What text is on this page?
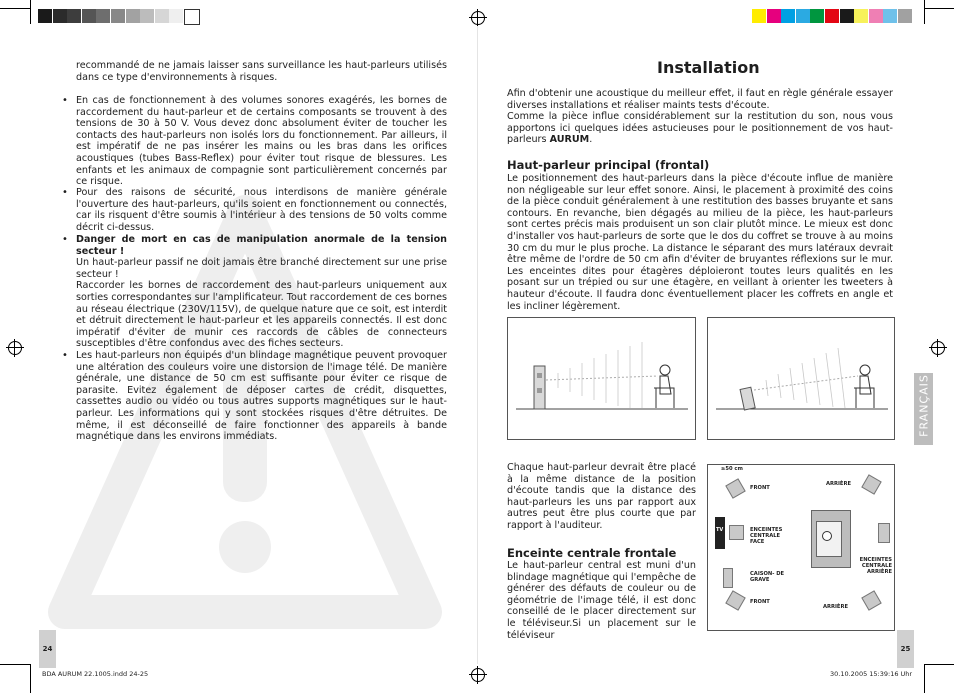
recommandé de ne jamais laisser sans surveillance les haut-parleurs utilisés dans ce type d'environnements à risques.
• En cas de fonctionnement à des volumes sonores exagérés, les bornes de raccordement du haut-parleur et de certains composants se trouvent à des tensions de 30 à 50 V. Vous devez donc absolument éviter de toucher les contacts des haut-parleurs non isolés lors du fonctionnement. Par ailleurs, il est impératif de ne pas insérer les mains ou les bras dans les orifices acoustiques (tubes Bass-Reflex) pour éviter tout risque de blessures. Les enfants et les animaux de compagnie sont particulièrement concernés par ce risque.
• Pour des raisons de sécurité, nous interdisons de manière générale l'ouverture des haut-parleurs, qu'ils soient en fonctionnement ou connectés, car ils risquent d'être soumis à l'intérieur à des tensions de 50 volts comme décrit ci-dessus.
• Danger de mort en cas de manipulation anormale de la tension secteur !
Un haut-parleur passif ne doit jamais être branché directement sur une prise secteur !
Raccorder les bornes de raccordement des haut-parleurs uniquement aux sorties correspondantes sur l'amplificateur. Tout raccordement de ces bornes au réseau électrique (230V/115V), de quelque nature que ce soit, est interdit et détruit directement le haut-parleur et les appareils connectés. Il est donc impératif d'éviter de munir ces raccords de câbles de connecteurs susceptibles d'être confondus avec des fiches secteurs.
• Les haut-parleurs non équipés d'un blindage magnétique peuvent provoquer une altération des couleurs voire une distorsion de l'image télé. De manière générale, une distance de 50 cm est suffisante pour éviter ce risque de parasite. Evitez également de déposer cartes de crédit, disquettes, cassettes audio ou vidéo ou tous autres supports magnétiques sur le haut-parleur. Les informations qui y sont stockées risques d'être détruites. De même, il est déconseillé de faire fonctionner des appareils à bande magnétique dans les environs immédiats.
24
Installation
Afin d'obtenir une acoustique du meilleur effet, il faut en règle générale essayer diverses installations et réaliser maints tests d'écoute.
Comme la pièce influe considérablement sur la restitution du son, nous vous apportons ici quelques idées astucieuses pour le positionnement de vos haut-parleurs AURUM.
Haut-parleur principal (frontal)
Le positionnement des haut-parleurs dans la pièce d'écoute influe de manière non négligeable sur leur effet sonore. Ainsi, le placement à proximité des coins de la pièce conduit généralement à une restitution des basses bruyante et sans contours. En revanche, bien dégagés au milieu de la pièce, les haut-parleurs sont certes précis mais produisent un son clair plutôt mince. Le mieux est donc d'installer vos haut-parleurs de sorte que le dos du coffret se trouve à au moins 30 cm du mur le plus proche. La distance le séparant des murs latéraux devrait être même de l'ordre de 50 cm afin d'éviter de bruyantes réflexions sur le mur. Les enceintes dites pour étagères déploieront toutes leurs qualités en les posant sur un trépied ou sur une étagère, en veillant à orienter les tweeters à hauteur d'écoute. Il faudra donc éventuellement placer les coffrets en angle et les incliner légèrement.
FRANÇAIS
Chaque haut-parleur devrait être placé à la même distance de la position d'écoute tandis que la distance des haut-parleurs les uns par rapport aux autres peut être plus courte que par rapport à l'auditeur.
Enceinte centrale frontale
Le haut-parleur central est muni d'un blindage magnétique qui l'empêche de générer des défauts de couleur ou de géométrie de l'image télé, il est donc conseillé de le placer directement sur le téléviseur.Si un placement sur le téléviseur
≥50 cm
FRONT
ARRIÈRE
TV	ENCEINTES CENTRALE FACE
ENCEINTES CENTRALE ARRIÈRE
CAISON- DE GRAVE
FRONT
ARRIÈRE
25
BDA AURUM 22.1005.indd 24-25	30.10.2005 15:39:16 Uhr
